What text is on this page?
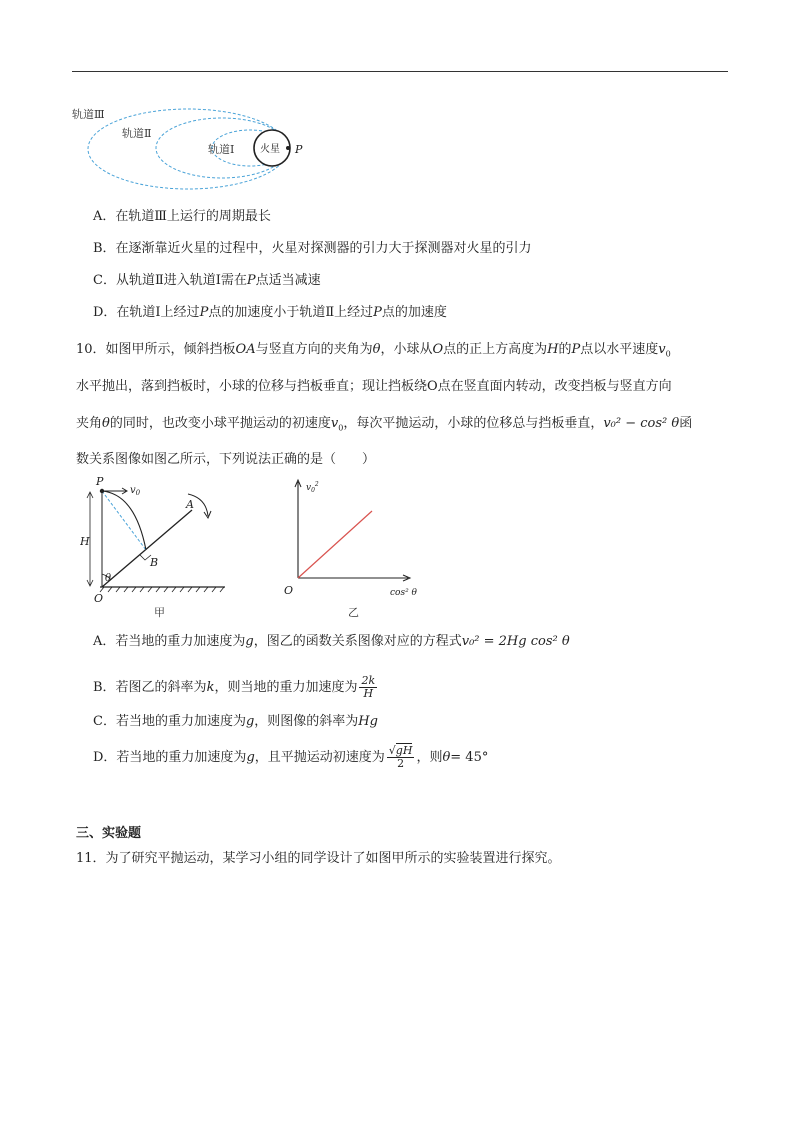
轨道Ⅲ
轨道Ⅱ
轨道Ⅰ	火星 P
A．在轨道Ⅲ上运行的周期最长
B．在逐渐靠近火星的过程中，火星对探测器的引力大于探测器对火星的引力
C．从轨道Ⅱ进入轨道Ⅰ需在P点适当减速
D．在轨道Ⅰ上经过P点的加速度小于轨道Ⅱ上经过P点的加速度
10．如图甲所示，倾斜挡板OA与竖直方向的夹角为θ，小球从O点的正上方高度为H的P点以水平速度$v_0$
水平抛出，落到挡板时，小球的位移与挡板垂直；现让挡板绕O点在竖直面内转动，改变挡板与竖直方向
夹角θ的同时，也改变小球平抛运动的初速度$v_0$，每次平抛运动，小球的位移总与挡板垂直，v₀² − cos² θ函
数关系图像如图乙所示，下列说法正确的是（　　）
P
$v_0$
A
B
H
θ
O
甲
$v_0^2$
O	cos² θ
乙
A．若当地的重力加速度为g，图乙的函数关系图像对应的方程式v₀² = 2Hg cos² θ
B．若图乙的斜率为k，则当地的重力加速度为 $\frac{2k}{H}$
C．若当地的重力加速度为g，则图像的斜率为Hg
D．若当地的重力加速度为g，且平抛运动初速度为 $\frac{√gH}{2}$ ，则θ= 45°
三、实验题
11．为了研究平抛运动，某学习小组的同学设计了如图甲所示的实验装置进行探究。
